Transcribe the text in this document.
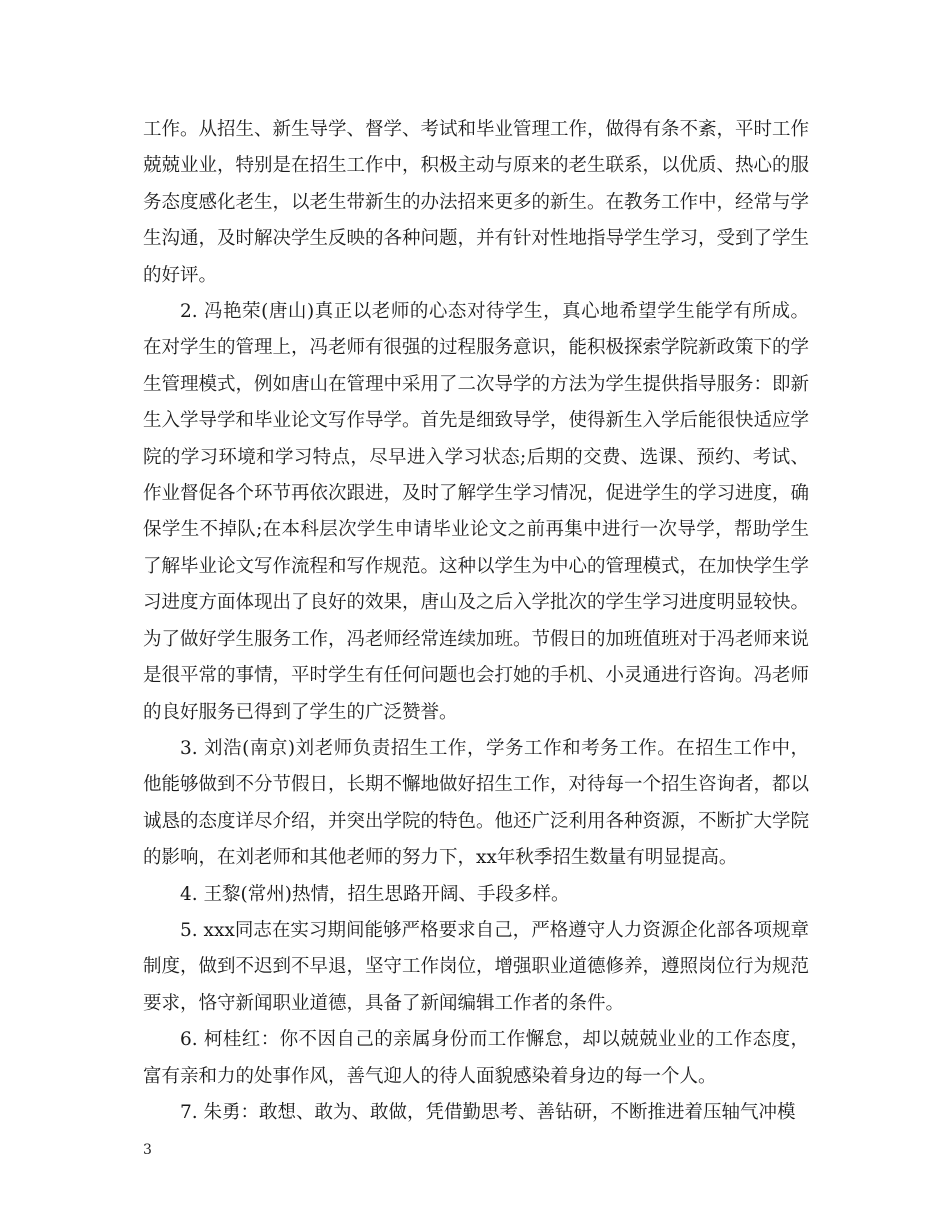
工作。从招生、新生导学、督学、考试和毕业管理工作，做得有条不紊，平时工作兢兢业业，特别是在招生工作中，积极主动与原来的老生联系，以优质、热心的服务态度感化老生，以老生带新生的办法招来更多的新生。在教务工作中，经常与学生沟通，及时解决学生反映的各种问题，并有针对性地指导学生学习，受到了学生的好评。

2. 冯艳荣(唐山)真正以老师的心态对待学生，真心地希望学生能学有所成。在对学生的管理上，冯老师有很强的过程服务意识，能积极探索学院新政策下的学生管理模式，例如唐山在管理中采用了二次导学的方法为学生提供指导服务：即新生入学导学和毕业论文写作导学。首先是细致导学，使得新生入学后能很快适应学院的学习环境和学习特点，尽早进入学习状态;后期的交费、选课、预约、考试、作业督促各个环节再依次跟进，及时了解学生学习情况，促进学生的学习进度，确保学生不掉队;在本科层次学生申请毕业论文之前再集中进行一次导学，帮助学生了解毕业论文写作流程和写作规范。这种以学生为中心的管理模式，在加快学生学习进度方面体现出了良好的效果，唐山及之后入学批次的学生学习进度明显较快。为了做好学生服务工作，冯老师经常连续加班。节假日的加班值班对于冯老师来说是很平常的事情，平时学生有任何问题也会打她的手机、小灵通进行咨询。冯老师的良好服务已得到了学生的广泛赞誉。

3. 刘浩(南京)刘老师负责招生工作，学务工作和考务工作。在招生工作中，他能够做到不分节假日，长期不懈地做好招生工作，对待每一个招生咨询者，都以诚恳的态度详尽介绍，并突出学院的特色。他还广泛利用各种资源，不断扩大学院的影响，在刘老师和其他老师的努力下，xx年秋季招生数量有明显提高。

4. 王黎(常州)热情，招生思路开阔、手段多样。

5. xxx同志在实习期间能够严格要求自己，严格遵守人力资源企化部各项规章制度，做到不迟到不早退，坚守工作岗位，增强职业道德修养，遵照岗位行为规范要求，恪守新闻职业道德，具备了新闻编辑工作者的条件。

6. 柯桂红：你不因自己的亲属身份而工作懈怠，却以兢兢业业的工作态度，富有亲和力的处事作风，善气迎人的待人面貌感染着身边的每一个人。

7. 朱勇：敢想、敢为、敢做，凭借勤思考、善钻研，不断推进着压轴气冲模

3
